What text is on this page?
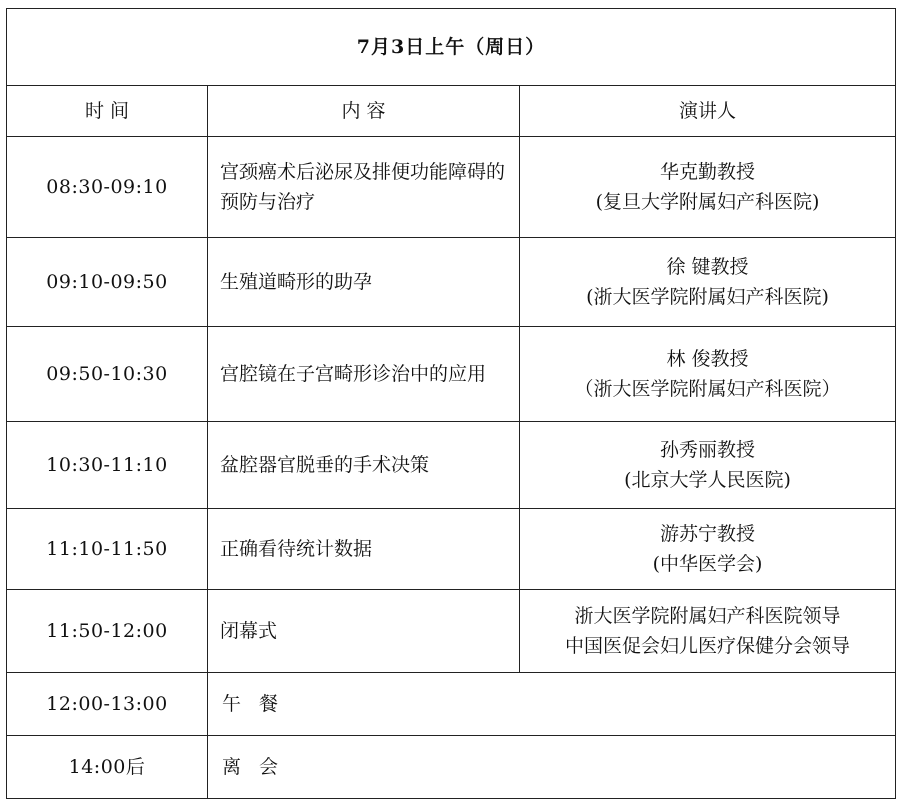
7月3日上午（周日）		
时 间	内 容	演讲人
08:30-09:10	宫颈癌术后泌尿及排便功能障碍的预防与治疗	华克勤教授
(复旦大学附属妇产科医院)

09:10-09:50	生殖道畸形的助孕	徐 键教授
(浙大医学院附属妇产科医院)

09:50-10:30	宫腔镜在子宫畸形诊治中的应用	林 俊教授
（浙大医学院附属妇产科医院）

10:30-11:10	盆腔器官脱垂的手术决策	孙秀丽教授
(北京大学人民医院)

11:10-11:50	正确看待统计数据	游苏宁教授
(中华医学会)

11:50-12:00	闭幕式	浙大医学院附属妇产科医院领导
中国医促会妇儿医疗保健分会领导

12:00-13:00	午餐	
14:00后	离会	
